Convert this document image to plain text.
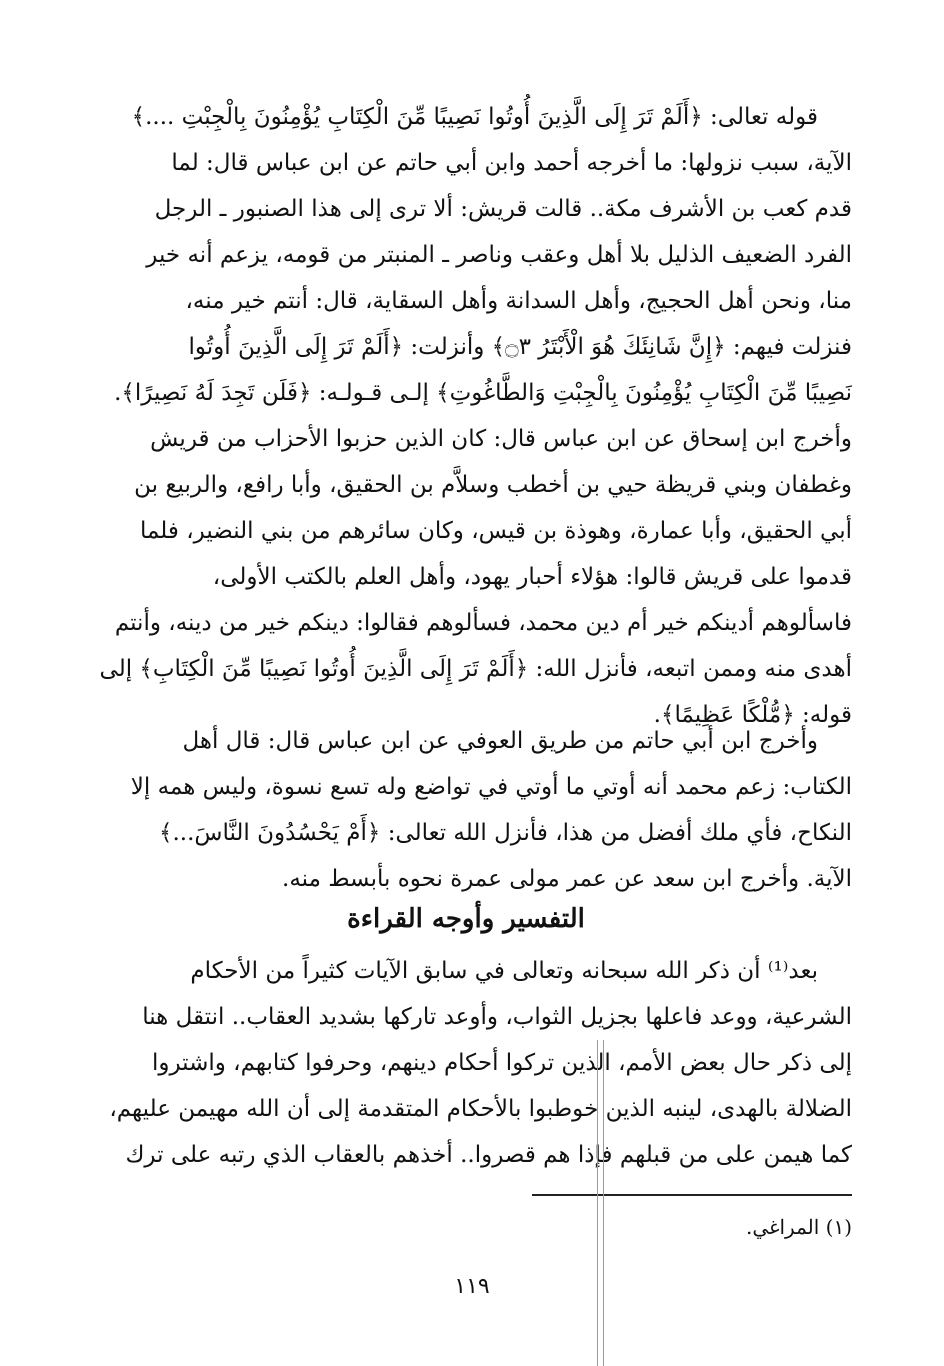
قوله تعالى: ﴿أَلَمْ تَرَ إِلَى الَّذِينَ أُوتُوا نَصِيبًا مِّنَ الْكِتَابِ يُؤْمِنُونَ بِالْجِبْتِ ....﴾
الآية، سبب نزولها: ما أخرجه أحمد وابن أبي حاتم عن ابن عباس قال: لما
قدم كعب بن الأشرف مكة.. قالت قريش: ألا ترى إلى هذا الصنبور ـ الرجل
الفرد الضعيف الذليل بلا أهل وعقب وناصر ـ المنبتر من قومه، يزعم أنه خير
منا، ونحن أهل الحجيج، وأهل السدانة وأهل السقاية، قال: أنتم خير منه،
فنزلت فيهم: ﴿إِنَّ شَانِئَكَ هُوَ الْأَبْتَرُ ۝٣﴾ وأنزلت: ﴿أَلَمْ تَرَ إِلَى الَّذِينَ أُوتُوا
نَصِيبًا مِّنَ الْكِتَابِ يُؤْمِنُونَ بِالْجِبْتِ وَالطَّاغُوتِ﴾ إلـى قـولـه: ﴿فَلَن تَجِدَ لَهُ نَصِيرًا﴾.
وأخرج ابن إسحاق عن ابن عباس قال: كان الذين حزبوا الأحزاب من قريش
وغطفان وبني قريظة حيي بن أخطب وسلاَّم بن الحقيق، وأبا رافع، والربيع بن
أبي الحقيق، وأبا عمارة، وهوذة بن قيس، وكان سائرهم من بني النضير، فلما
قدموا على قريش قالوا: هؤلاء أحبار يهود، وأهل العلم بالكتب الأولى،
فاسألوهم أدينكم خير أم دين محمد، فسألوهم فقالوا: دينكم خير من دينه، وأنتم
أهدى منه وممن اتبعه، فأنزل الله: ﴿أَلَمْ تَرَ إِلَى الَّذِينَ أُوتُوا نَصِيبًا مِّنَ الْكِتَابِ﴾ إلى
قوله: ﴿مُّلْكًا عَظِيمًا﴾.
وأخرج ابن أبي حاتم من طريق العوفي عن ابن عباس قال: قال أهل
الكتاب: زعم محمد أنه أوتي ما أوتي في تواضع وله تسع نسوة، وليس همه إلا
النكاح، فأي ملك أفضل من هذا، فأنزل الله تعالى: ﴿أَمْ يَحْسُدُونَ النَّاسَ...﴾
الآية. وأخرج ابن سعد عن عمر مولى عمرة نحوه بأبسط منه.
التفسير وأوجه القراءة
بعد⁽¹⁾ أن ذكر الله سبحانه وتعالى في سابق الآيات كثيراً من الأحكام
الشرعية، ووعد فاعلها بجزيل الثواب، وأوعد تاركها بشديد العقاب.. انتقل هنا
إلى ذكر حال بعض الأمم، الذين تركوا أحكام دينهم، وحرفوا كتابهم، واشتروا
الضلالة بالهدى، لينبه الذين خوطبوا بالأحكام المتقدمة إلى أن الله مهيمن عليهم،
كما هيمن على من قبلهم فإذا هم قصروا.. أخذهم بالعقاب الذي رتبه على ترك
(١) المراغي.
١١٩
